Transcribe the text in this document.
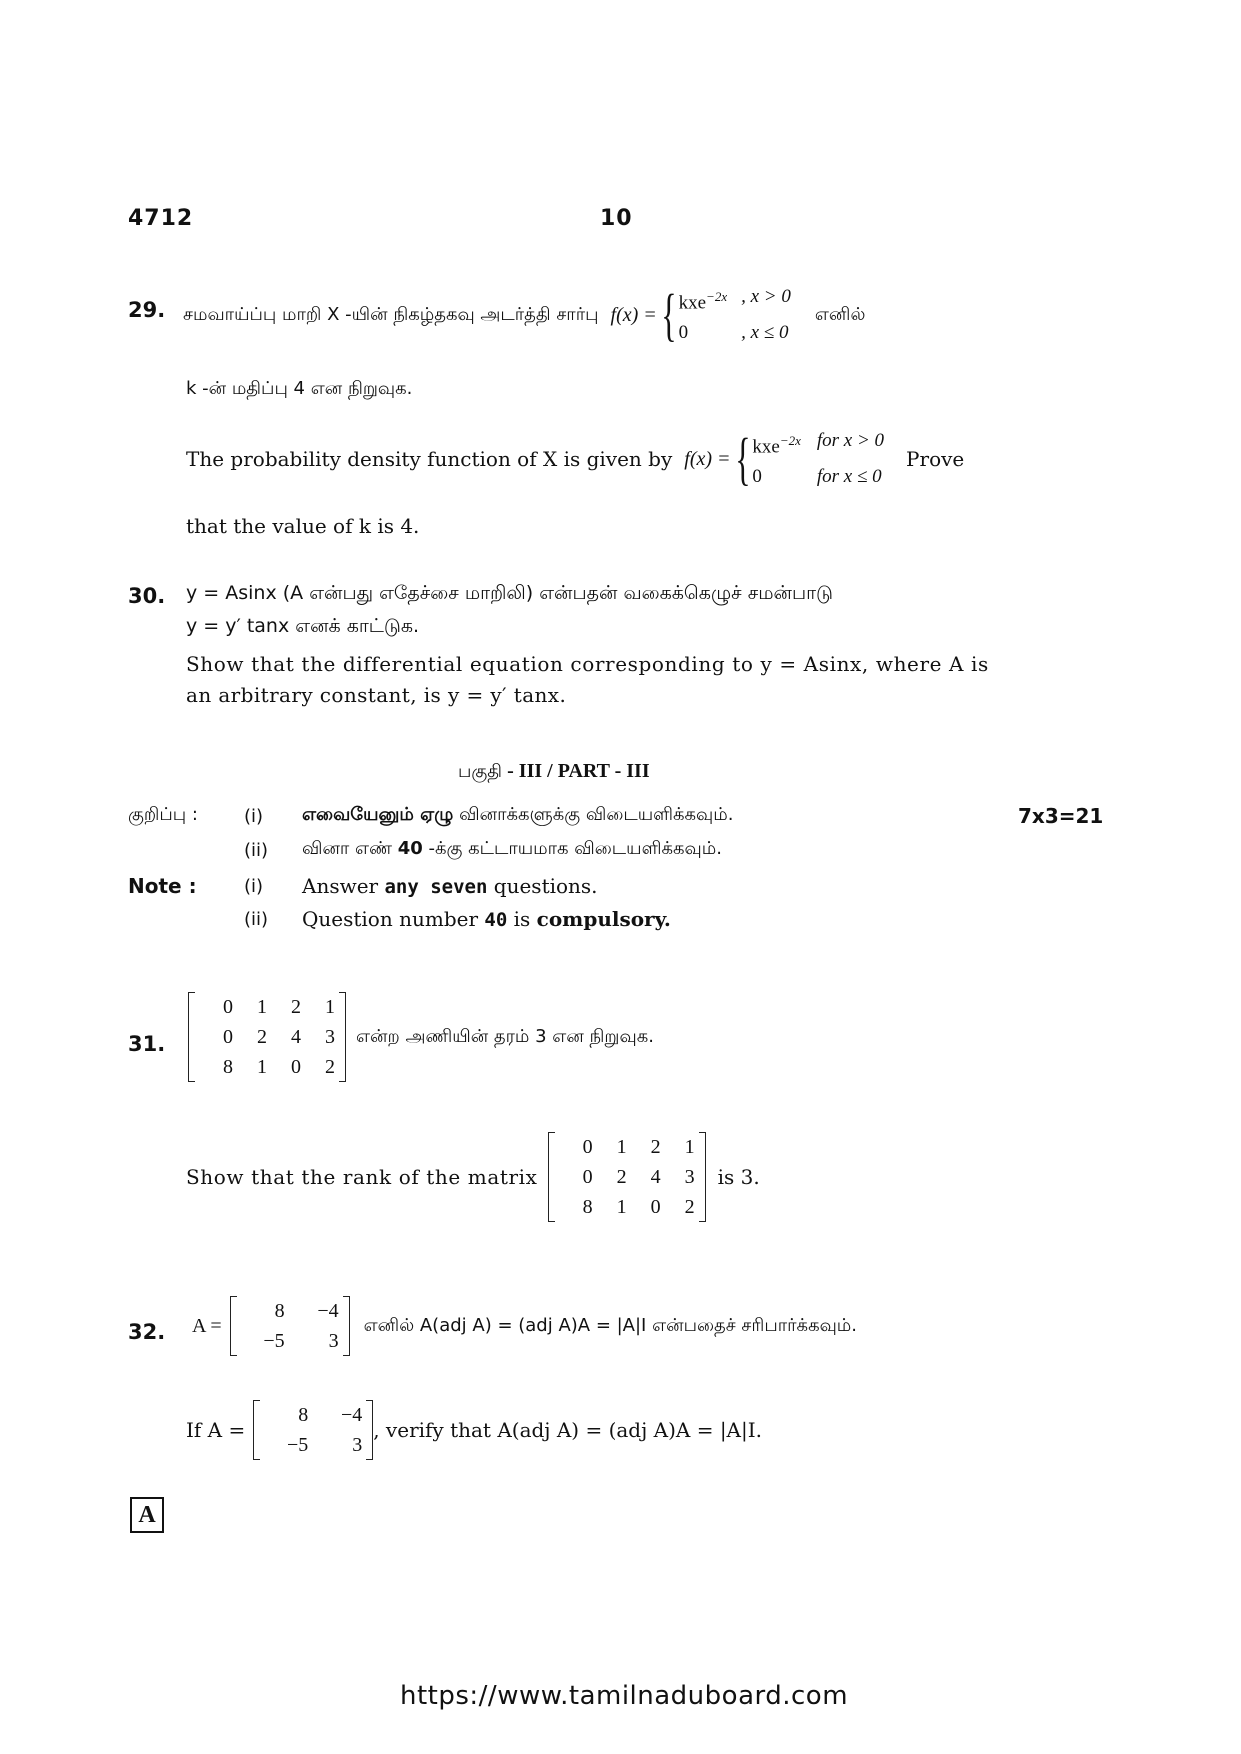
4712	10
29. சமவாய்ப்பு மாறி X -யின் நிகழ்தகவு அடர்த்தி சார்பு f(x) = { kxe$^{-2x}$ , x > 0
0	, x ≤ 0
எனில்
k -ன் மதிப்பு 4 என நிறுவுக.
The probability density function of X is given by f(x) = { kxe$^{-2x}$ for x > 0
0	for x ≤ 0
Prove
that the value of k is 4.
30. y = Asinx (A என்பது எதேச்சை மாறிலி) என்பதன் வகைக்கெழுச் சமன்பாடு
y = y′ tanx எனக் காட்டுக.
Show that the differential equation corresponding to y = Asinx, where A is
an arbitrary constant, is y = y′ tanx.
பகுதி - III / PART - III
குறிப்பு :	7x3=21
(i) எவையேனும் ஏழு வினாக்களுக்கு விடையளிக்கவும்.
(ii) வினா எண் 40 -க்கு கட்டாயமாக விடையளிக்கவும்.
Note :	(i) Answer any seven questions.
(ii) Question number 40 is compulsory.
31.
0	1	2	1
0	2	4	3
8	1	0	2
என்ற அணியின் தரம் 3 என நிறுவுக.
Show that the rank of the matrix
0	1	2	1
0	2	4	3
8	1	0	2
is 3.
32. A =
8	−4
−5	3
எனில் A(adj A) = (adj A)A = |A|I என்பதைச் சரிபார்க்கவும்.
If A =
8	−4
−5	3
, verify that A(adj A) = (adj A)A = |A|I.
A
https://www.tamilnaduboard.com
